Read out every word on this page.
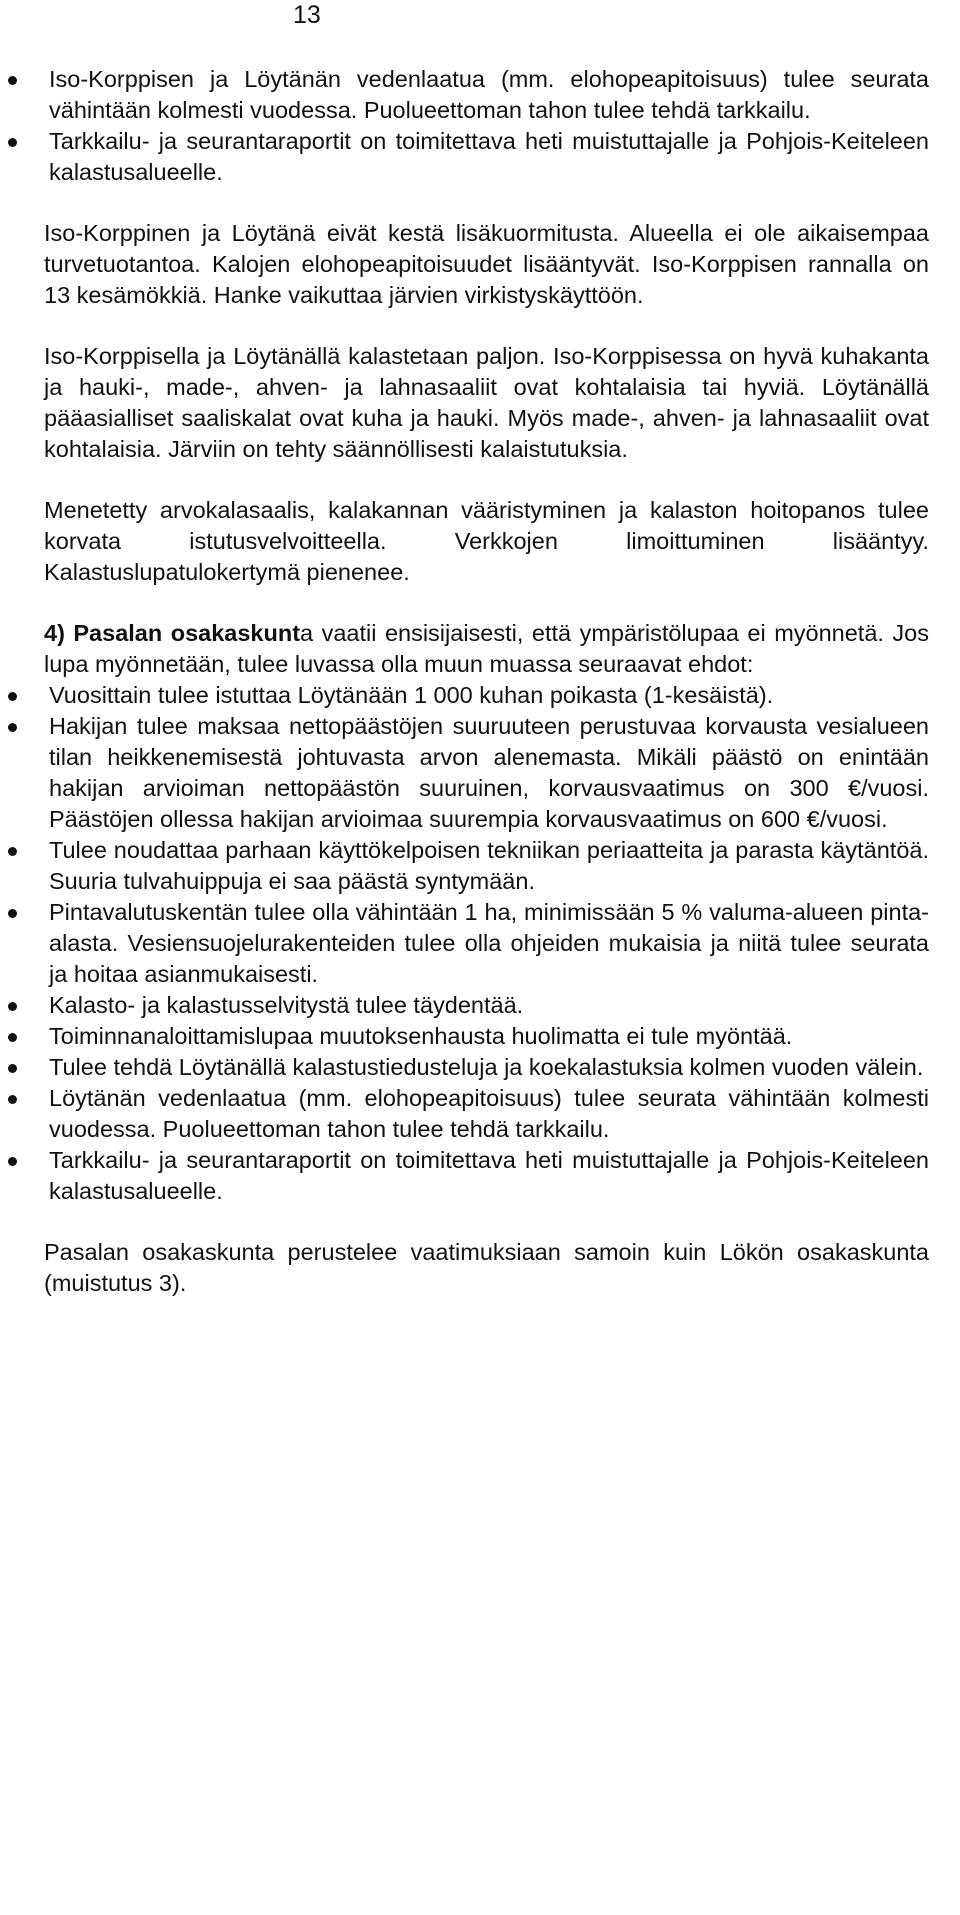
13
Iso-Korppisen ja Löytänän vedenlaatua (mm. elohopeapitoisuus) tulee seurata vähintään kolmesti vuodessa. Puolueettoman tahon tulee tehdä tarkkailu.
Tarkkailu- ja seurantaraportit on toimitettava heti muistuttajalle ja Pohjois-Keiteleen kalastusalueelle.

Iso-Korppinen ja Löytänä eivät kestä lisäkuormitusta. Alueella ei ole aikaisempaa turvetuotantoa. Kalojen elohopeapitoisuudet lisääntyvät. Iso-Korppisen rannalla on 13 kesämökkiä. Hanke vaikuttaa järvien virkistyskäyttöön.

Iso-Korppisella ja Löytänällä kalastetaan paljon. Iso-Korppisessa on hyvä kuhakanta ja hauki-, made-, ahven- ja lahnasaaliit ovat kohtalaisia tai hyviä. Löytänällä pääasialliset saaliskalat ovat kuha ja hauki. Myös made-, ahven- ja lahnasaaliit ovat kohtalaisia. Järviin on tehty säännöllisesti kalaistutuksia.

Menetetty arvokalasaalis, kalakannan vääristyminen ja kalaston hoitopanos tulee korvata istutusvelvoitteella. Verkkojen limoittuminen lisääntyy. Kalastuslupatulokertymä pienenee.

4) Pasalan osakaskunta vaatii ensisijaisesti, että ympäristölupaa ei myönnetä. Jos lupa myönnetään, tulee luvassa olla muun muassa seuraavat ehdot:

Vuosittain tulee istuttaa Löytänään 1 000 kuhan poikasta (1-kesäistä).
Hakijan tulee maksaa nettopäästöjen suuruuteen perustuvaa korvausta vesialueen tilan heikkenemisestä johtuvasta arvon alenemasta. Mikäli päästö on enintään hakijan arvioiman nettopäästön suuruinen, korvausvaatimus on 300 €/vuosi. Päästöjen ollessa hakijan arvioimaa suurempia korvausvaatimus on 600 €/vuosi.
Tulee noudattaa parhaan käyttökelpoisen tekniikan periaatteita ja parasta käytäntöä. Suuria tulvahuippuja ei saa päästä syntymään.
Pintavalutuskentän tulee olla vähintään 1 ha, minimissään 5 % valuma-alueen pinta-alasta. Vesiensuojelurakenteiden tulee olla ohjeiden mukaisia ja niitä tulee seurata ja hoitaa asianmukaisesti.
Kalasto- ja kalastusselvitystä tulee täydentää.
Toiminnanaloittamislupaa muutoksenhausta huolimatta ei tule myöntää.
Tulee tehdä Löytänällä kalastustiedusteluja ja koekalastuksia kolmen vuoden välein.
Löytänän vedenlaatua (mm. elohopeapitoisuus) tulee seurata vähintään kolmesti vuodessa. Puolueettoman tahon tulee tehdä tarkkailu.
Tarkkailu- ja seurantaraportit on toimitettava heti muistuttajalle ja Pohjois-Keiteleen kalastusalueelle.

Pasalan osakaskunta perustelee vaatimuksiaan samoin kuin Lökön osakaskunta (muistutus 3).
